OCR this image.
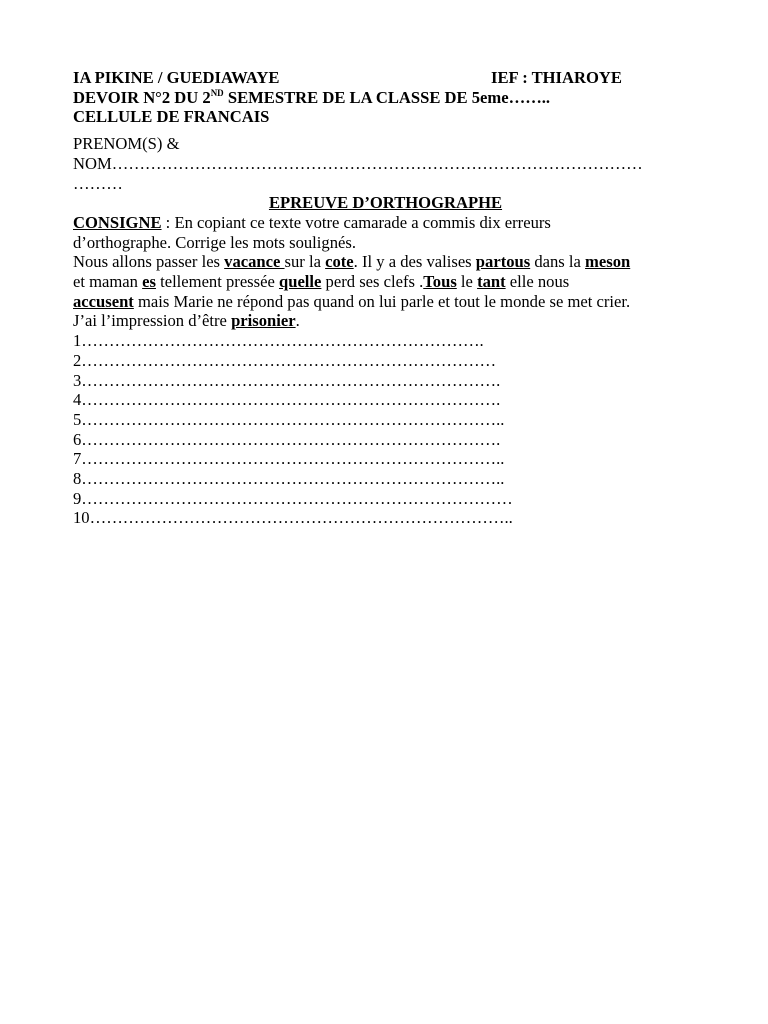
IA PIKINE / GUEDIAWAYE	IEF : THIAROYE
DEVOIR N°2 DU 2ND SEMESTRE DE LA CLASSE DE 5eme……..
CELLULE DE FRANCAIS
PRENOM(S) &
NOM……………………………………………………………………………………
………
EPREUVE D’ORTHOGRAPHE
CONSIGNE : En copiant ce texte votre camarade a commis dix erreurs
d’orthographe. Corrige les mots soulignés.
Nous allons passer les vacance sur la cote. Il y a des valises partous dans la meson
et maman es tellement pressée quelle perd ses clefs .Tous le tant elle nous
accusent mais Marie ne répond pas quand on lui parle et tout le monde se met crier.
J’ai l’impression d’être prisonier.
1……………………………………………………………….
2…………………………………………………………………
3………………………………………………………………….
4………………………………………………………………….
5…………………………………………………………………..
6………………………………………………………………….
7…………………………………………………………………..
8…………………………………………………………………..
9……………………………………………………………………
10…………………………………………………………………..
